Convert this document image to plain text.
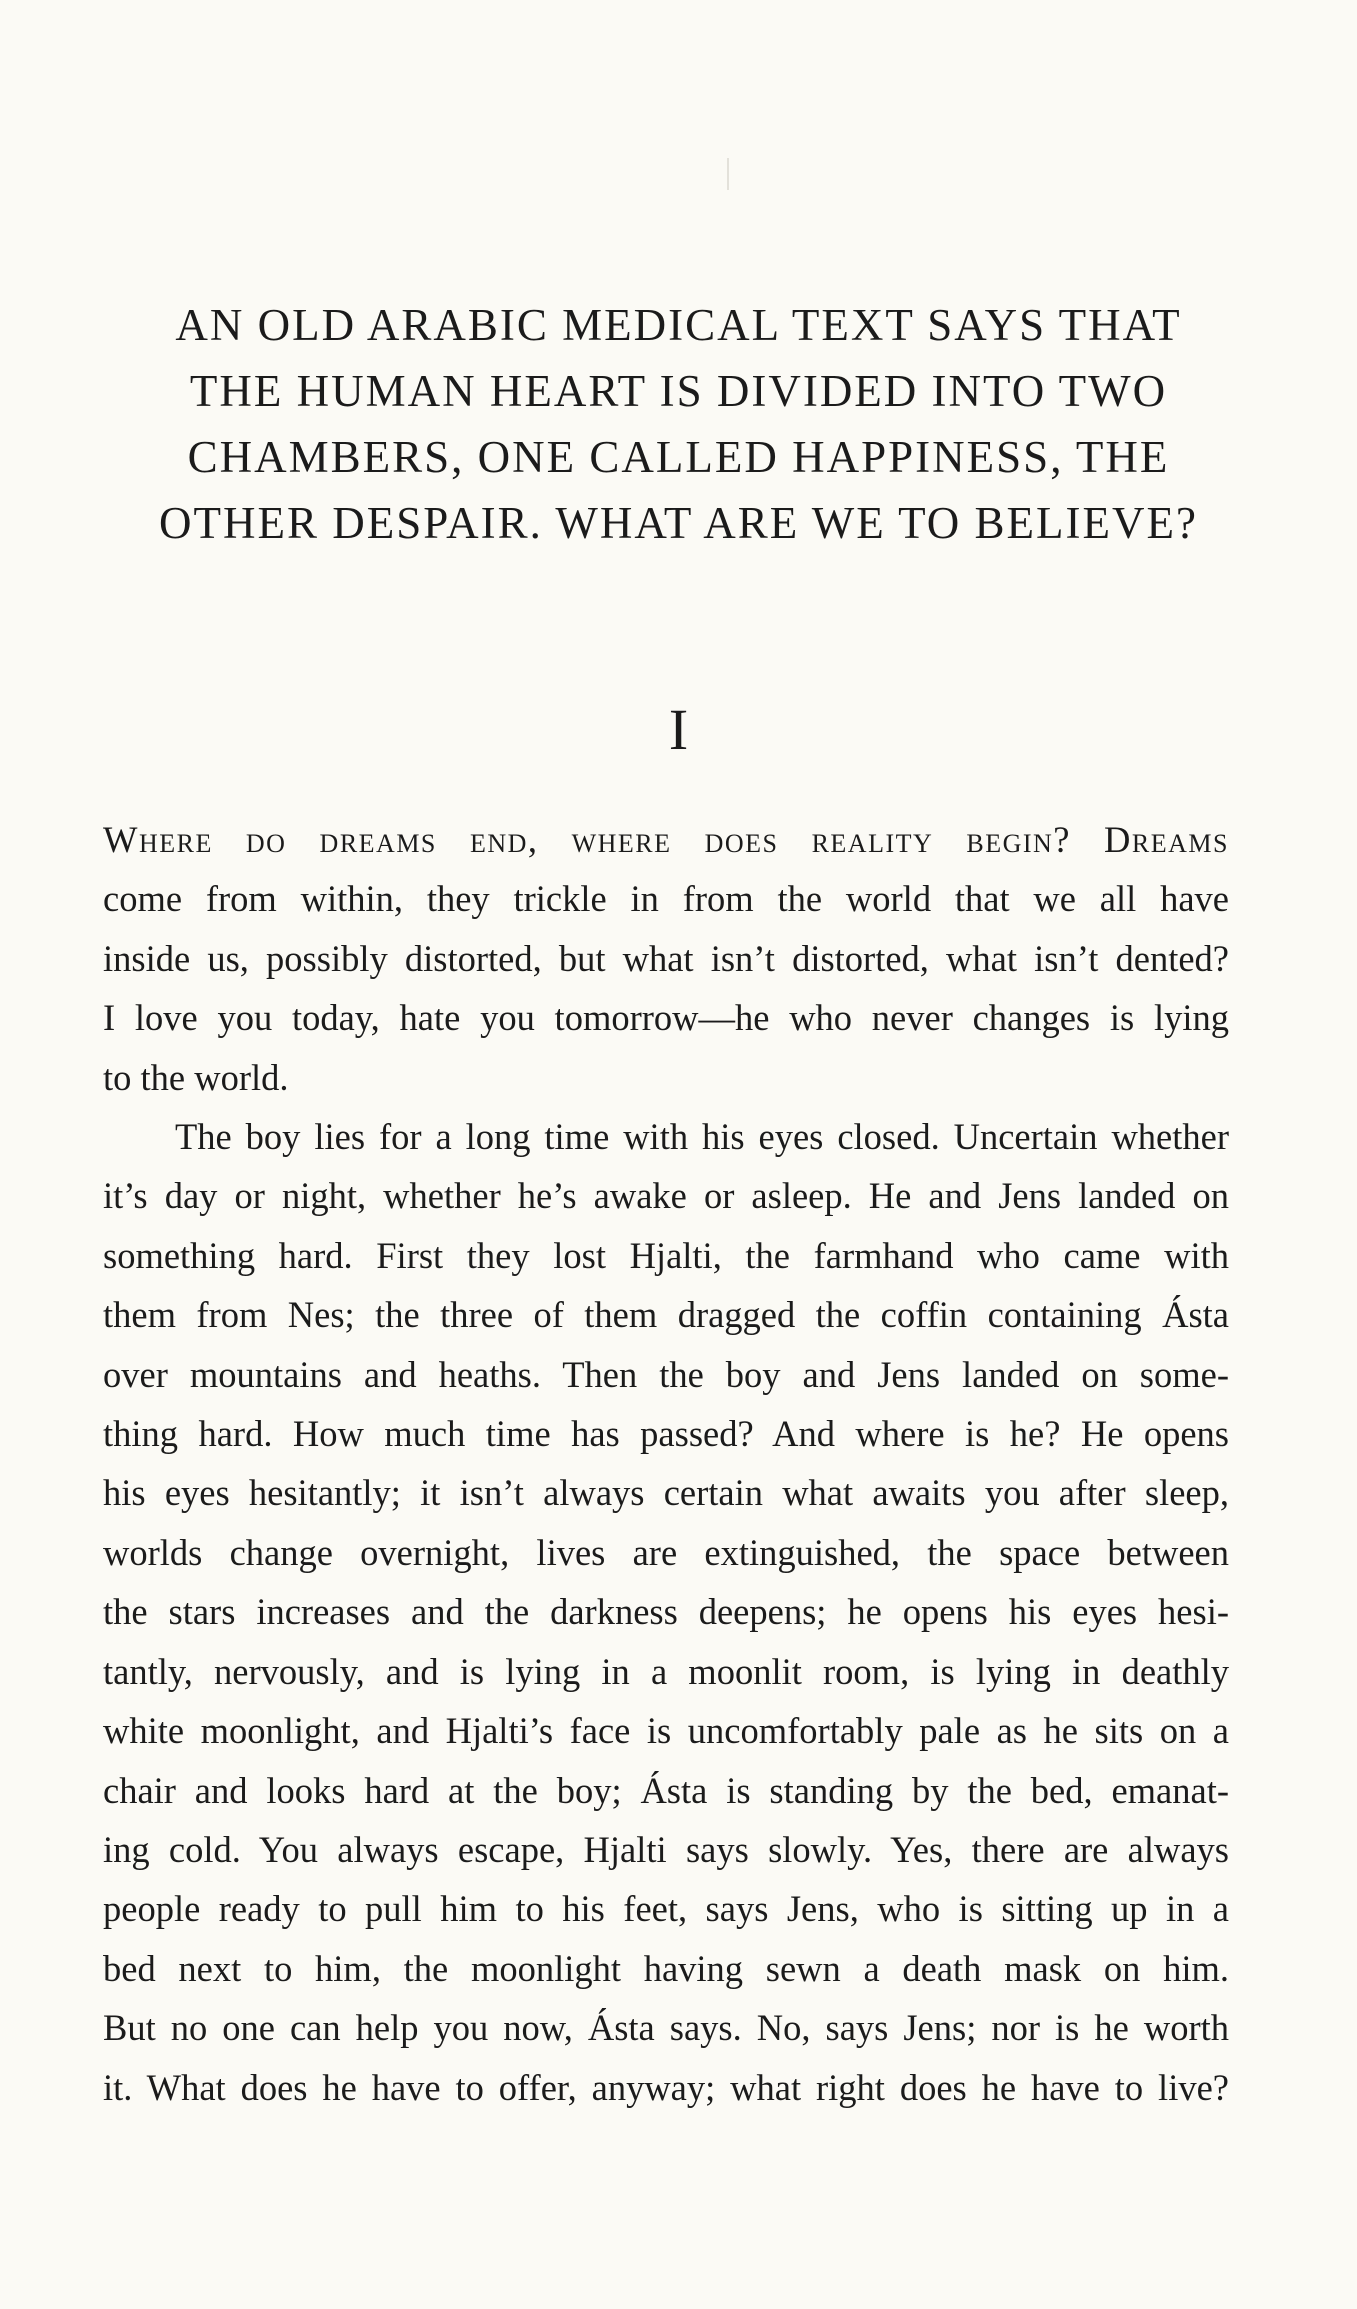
AN OLD ARABIC MEDICAL TEXT SAYS THAT
THE HUMAN HEART IS DIVIDED INTO TWO
CHAMBERS, ONE CALLED HAPPINESS, THE
OTHER DESPAIR. WHAT ARE WE TO BELIEVE?
I
Where do dreams end, where does reality begin? Dreams
come from within, they trickle in from the world that we all have
inside us, possibly distorted, but what isn’t distorted, what isn’t dented?
I love you today, hate you tomorrow—he who never changes is lying
to the world.
The boy lies for a long time with his eyes closed. Uncertain whether
it’s day or night, whether he’s awake or asleep. He and Jens landed on
something hard. First they lost Hjalti, the farmhand who came with
them from Nes; the three of them dragged the coffin containing Ásta
over mountains and heaths. Then the boy and Jens landed on some-
thing hard. How much time has passed? And where is he? He opens
his eyes hesitantly; it isn’t always certain what awaits you after sleep,
worlds change overnight, lives are extinguished, the space between
the stars increases and the darkness deepens; he opens his eyes hesi-
tantly, nervously, and is lying in a moonlit room, is lying in deathly
white moonlight, and Hjalti’s face is uncomfortably pale as he sits on a
chair and looks hard at the boy; Ásta is standing by the bed, emanat-
ing cold. You always escape, Hjalti says slowly. Yes, there are always
people ready to pull him to his feet, says Jens, who is sitting up in a
bed next to him, the moonlight having sewn a death mask on him.
But no one can help you now, Ásta says. No, says Jens; nor is he worth
it. What does he have to offer, anyway; what right does he have to live?
